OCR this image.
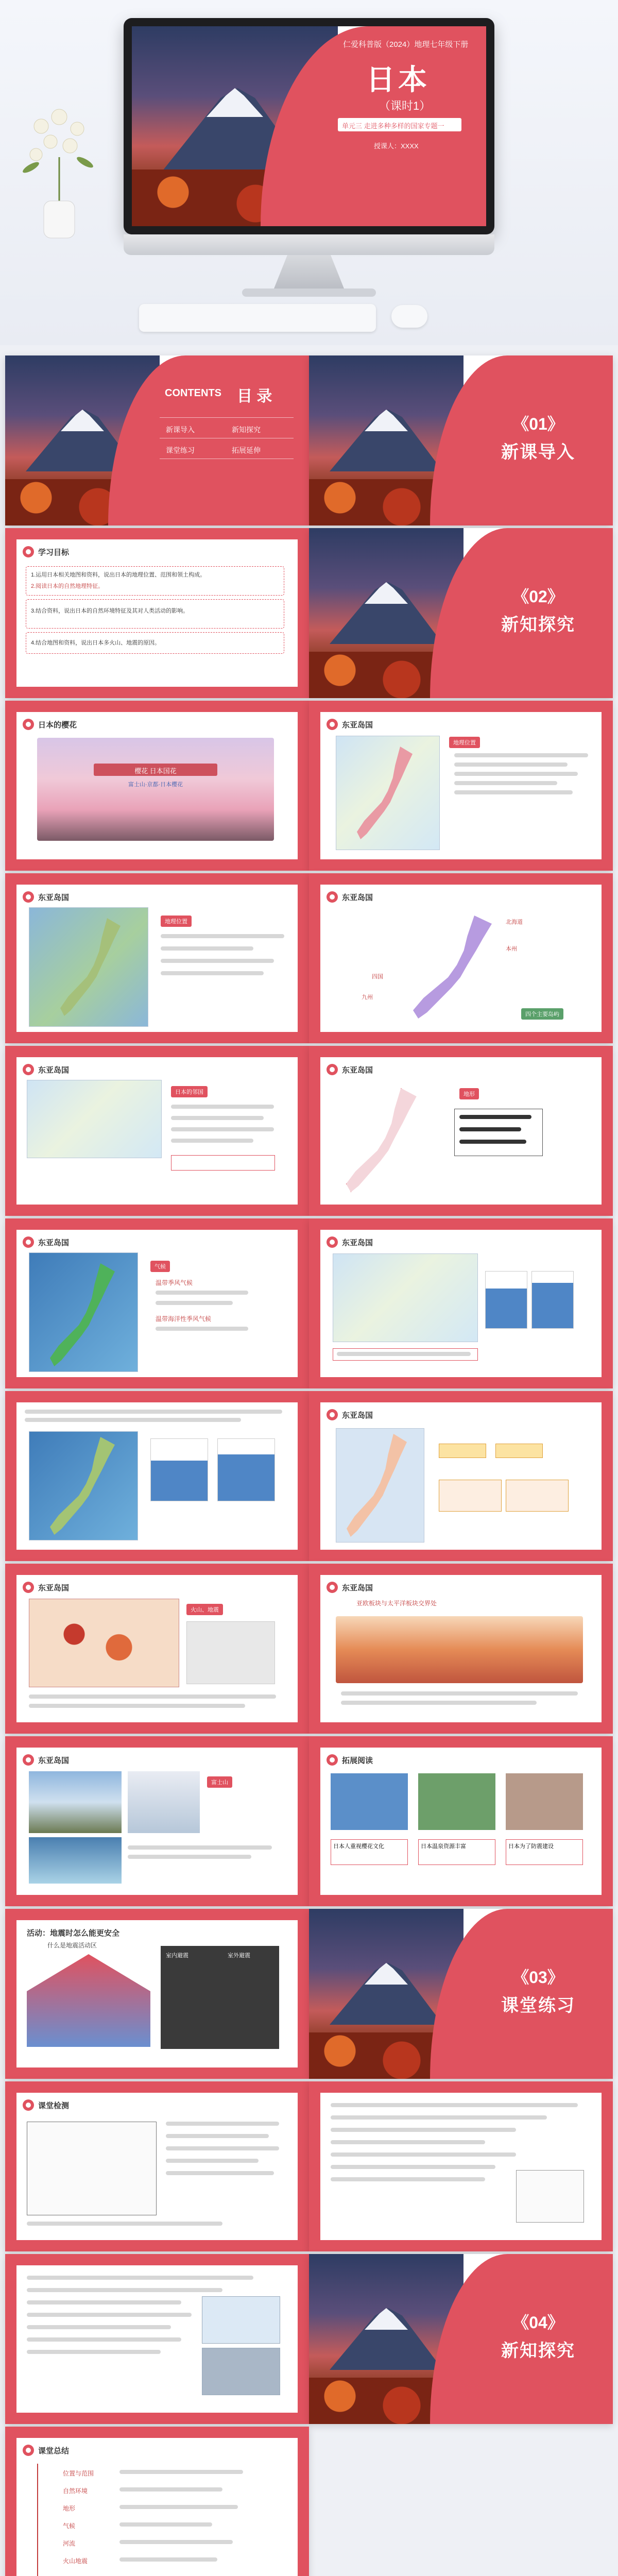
仁爱科普版（2024）地理七年级下册
日本
（课时1）
单元三 走进多种多样的国家专题一
授课人：XXXX
CONTENTS 目 录
新课导入	新知探究
课堂练习	拓展延伸
《01》
新课导入
学习目标
1.运用日本相关地图和资料，说出日本的地理位置、范围和领土构成。
2.阅读日本的自然地理特征。
3.结合资料，说出日本的自然环境特征及其对人类活动的影响。
4.结合地图和资料，说出日本多火山、地震的原因。
《02》
新知探究
日本的樱花
樱花 日本国花
富士山·京都·日本樱花
东亚岛国
地理位置
东亚岛国
地理位置
东亚岛国
北海道
本州
四国
九州
四个主要岛屿
东亚岛国
日本的邻国
东亚岛国
地形
东亚岛国
气候
温带季风气候
温带海洋性季风气候
东亚岛国
东亚岛国
东亚岛国
火山、地震
东亚岛国
亚欧板块与太平洋板块交界处
东亚岛国
富士山
拓展阅读
日本人重视樱花文化	日本温泉资源丰富	日本为了防震建设
活动：地震时怎么能更安全
什么是地震活动区
室内避震	室外避震
《03》
课堂练习
课堂检测
《04》
新知探究
课堂总结
位置与范围
自然环境
地形
气候
河流
火山地震
